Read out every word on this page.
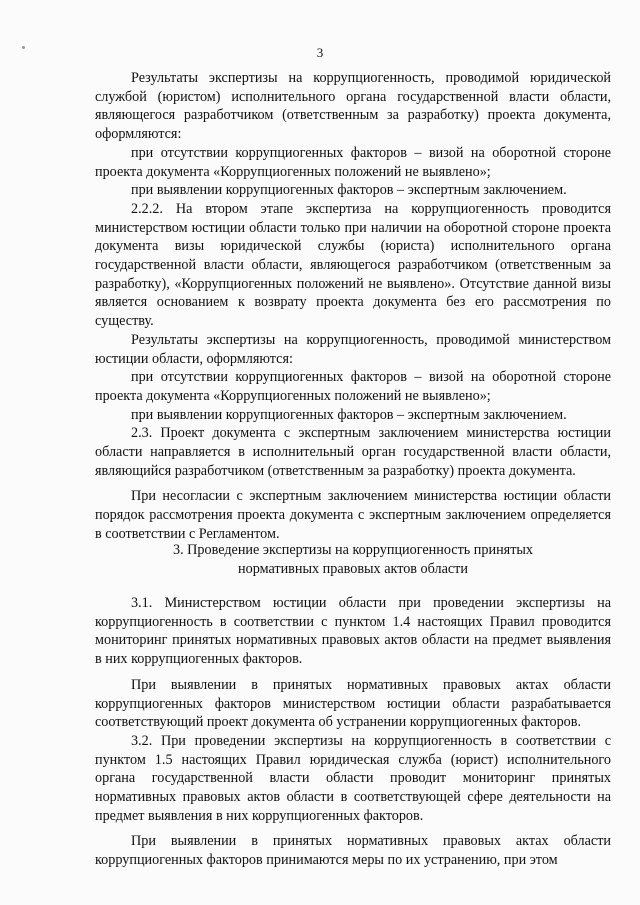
3

Результаты экспертизы на коррупциогенность, проводимой юридической службой (юристом) исполнительного органа государственной власти области, являющегося разработчиком (ответственным за разработку) проекта документа, оформляются:

при отсутствии коррупциогенных факторов – визой на оборотной стороне проекта документа «Коррупциогенных положений не выявлено»;

при выявлении коррупциогенных факторов – экспертным заключением.

2.2.2. На втором этапе экспертиза на коррупциогенность проводится министерством юстиции области только при наличии на оборотной стороне проекта документа визы юридической службы (юриста) исполнительного органа государственной власти области, являющегося разработчиком (ответственным за разработку), «Коррупциогенных положений не выявлено». Отсутствие данной визы является основанием к возврату проекта документа без его рассмотрения по существу.

Результаты экспертизы на коррупциогенность, проводимой министерством юстиции области, оформляются:

при отсутствии коррупциогенных факторов – визой на оборотной стороне проекта документа «Коррупциогенных положений не выявлено»;

при выявлении коррупциогенных факторов – экспертным заключением.

2.3. Проект документа с экспертным заключением министерства юстиции области направляется в исполнительный орган государственной власти области, являющийся разработчиком (ответственным за разработку) проекта документа.

При несогласии с экспертным заключением министерства юстиции области порядок рассмотрения проекта документа с экспертным заключением определяется в соответствии с Регламентом.

3. Проведение экспертизы на коррупциогенность принятых
нормативных правовых актов области

3.1. Министерством юстиции области при проведении экспертизы на коррупциогенность в соответствии с пунктом 1.4 настоящих Правил проводится мониторинг принятых нормативных правовых актов области на предмет выявления в них коррупциогенных факторов.

При выявлении в принятых нормативных правовых актах области коррупциогенных факторов министерством юстиции области разрабатывается соответствующий проект документа об устранении коррупциогенных факторов.

3.2. При проведении экспертизы на коррупциогенность в соответствии с пунктом 1.5 настоящих Правил юридическая служба (юрист) исполнительного органа государственной власти области проводит мониторинг принятых нормативных правовых актов области в соответствующей сфере деятельности на предмет выявления в них коррупциогенных факторов.

При выявлении в принятых нормативных правовых актах области коррупциогенных факторов принимаются меры по их устранению, при этом
